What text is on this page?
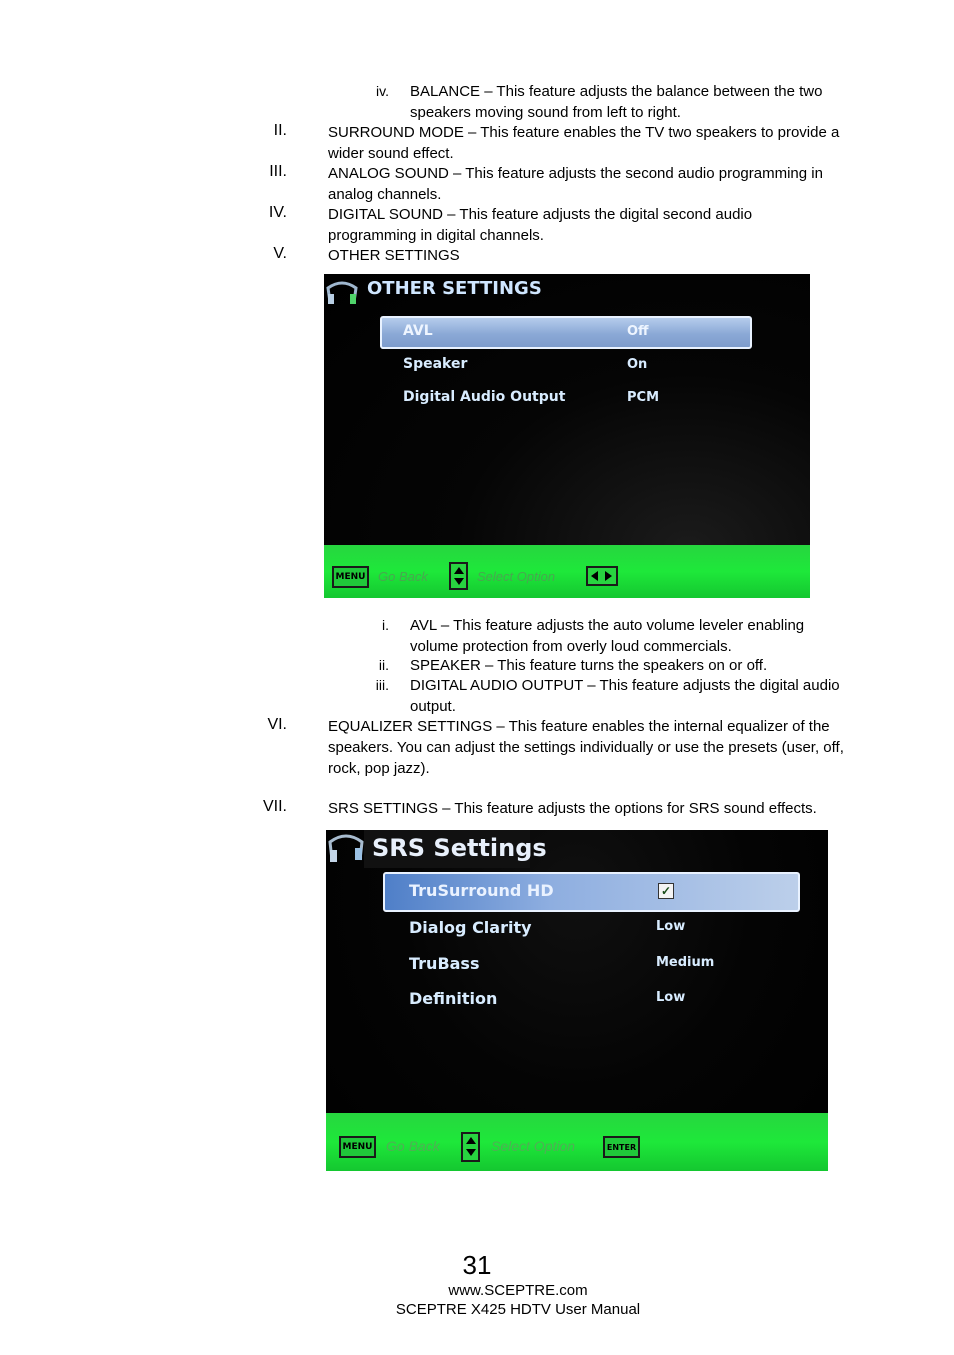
iv. BALANCE – This feature adjusts the balance between the two speakers moving sound from left to right.
II.	SURROUND MODE – This feature enables the TV two speakers to provide a wider sound effect.
III.	ANALOG SOUND – This feature adjusts the second audio programming in analog channels.
IV.	DIGITAL SOUND – This feature adjusts the digital second audio programming in digital channels.
V.	OTHER SETTINGS
OTHER SETTINGS
AVL	Off
Speaker	On
Digital Audio Output	PCM
MENU Go Back	Select Option
i. AVL – This feature adjusts the auto volume leveler enabling volume protection from overly loud commercials.
ii. SPEAKER – This feature turns the speakers on or off.
iii. DIGITAL AUDIO OUTPUT – This feature adjusts the digital audio output.
VI.	EQUALIZER SETTINGS – This feature enables the internal equalizer of the speakers. You can adjust the settings individually or use the presets (user, off, rock, pop jazz).
VII.	SRS SETTINGS – This feature adjusts the options for SRS sound effects.
SRS Settings
TruSurround HD	✓
Dialog Clarity	Low
TruBass	Medium
Definition	Low
MENU Go Back	Select Option	ENTER
31
www.SCEPTRE.com
SCEPTRE X425 HDTV User Manual
